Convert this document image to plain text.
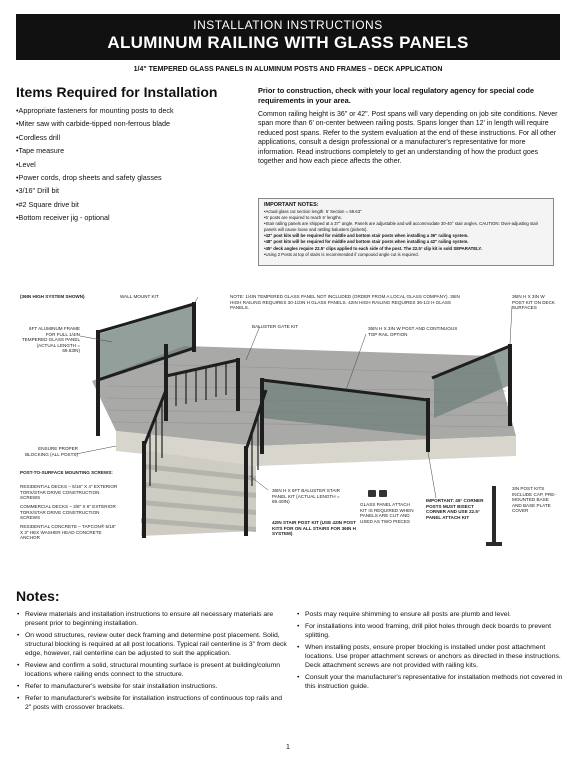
INSTALLATION INSTRUCTIONS
ALUMINUM RAILING WITH GLASS PANELS
1/4" TEMPERED GLASS PANELS IN ALUMINUM POSTS AND FRAMES – DECK APPLICATION
Items Required for Installation
• Appropriate fasteners for mounting posts to deck
• Miter saw with carbide-tipped non-ferrous blade
• Cordless drill
• Tape measure
• Level
• Power cords, drop sheets and safety glasses
• 3/16" Drill bit
• #2 Square drive bit
• Bottom receiver jig - optional
Prior to construction, check with your local regulatory agency for special code requirements in your area.
Common railing height is 36" or 42". Post spans will vary depending on job site conditions. Never span more than 6' on-center between railing posts. Spans longer than 12' in length will require reduced post spans. Refer to the system evaluation at the end of these instructions. For all other applications, consult a design professional or a manufacturer's representative for more information. Read instructions completely to get an understanding of how the product goes together and how each piece affects the other.
IMPORTANT NOTES:
• Actual glass cut section length: 6' Section = 69.63"
• 5' posts are required to reach 6' lengths.
• Stair railing panels are shipped at a 37° angle. Panels are adjustable and will accommodate 30-40° stair angles. CAUTION: Over-adjusting stair panels will cause loose and rattling balusters (pickets).
• 42" post kits will be required for middle and bottom stair posts when installing a 36" railing system.
• 48" post kits will be required for middle and bottom stair posts when installing a 42" railing system.
• 45° deck angles require 22.5° clips applied to each side of the post. The 22.5° clip kit is sold SEPARATELY.
• Using 2 Posts at top of stairs is recommended if compound angle cut is required.
(36IN HIGH SYSTEM SHOWN)	WALL MOUNT KIT	NOTE: 1/4IN TEMPERED GLASS PANEL NOT INCLUDED (ORDER FROM A LOCAL GLASS COMPANY). 36IN HIGH RAILING REQUIRES 30-1/2IN H GLASS PANELS. 42IN HIGH RAILING REQUIRES 36-1/2 H GLASS PANELS.
36IN H X 3IN W POST KIT ON DECK SURFACES
6FT ALUMINUM FRAME FOR FULL 1/4IN TEMPERED GLASS PANEL (ACTUAL LENGTH = 69.63IN)
BALUSTER GATE KIT	36IN H X 3IN W POST AND CONTINUOUS TOP RAIL OPTION
ENSURE PROPER BLOCKING (ALL POSTS)
POST-TO-SURFACE MOUNTING SCREWS:
RESIDENTIAL DECKS – 5/16" X 4" EXTERIOR TORX/STAR DRIVE CONSTRUCTION SCREWS
COMMERCIAL DECKS – 3/8" X 6" EXTERIOR TORX/STAR DRIVE CONSTRUCTION SCREWS
RESIDENTIAL CONCRETE – TAPCON® 5/16" X 3" HEX WASHER HEAD CONCRETE ANCHOR
36IN H X 6FT BALUSTER STAIR PANEL KIT (ACTUAL LENGTH = 69.40IN)
42IN STAIR POST KIT (USE 42IN POST KITS FOR ON ALL STAIRS FOR 36IN H SYSTEM)
GLASS PANEL ATTACH KIT IS REQUIRED WHEN PANELS ARE CUT AND USED AS TWO PIECES
IMPORTANT: 45° CORNER POSTS MUST BISECT CORNER AND USE 22.5° PANEL ATTACH KIT
3IN POST KITS INCLUDE CAP, PRE-MOUNTED BASE AND BASE PLATE COVER
Notes:
• Review materials and installation instructions to ensure all necessary materials are present prior to beginning installation.
• On wood structures, review outer deck framing and determine post placement. Solid, structural blocking is required at all post locations. Typical rail centerline is 3" from deck edge, however, rail centerline can be adjusted to suit the application.
• Review and confirm a solid, structural mounting surface is present at building/column locations where railing ends connect to the structure.
• Refer to manufacturer's website for stair installation instructions.
• Refer to manufacturer's website for installation instructions of continuous top rails and 2" posts with crossover brackets.
• Posts may require shimming to ensure all posts are plumb and level.
• For installations into wood framing, drill pilot holes through deck boards to prevent splitting.
• When installing posts, ensure proper blocking is installed under post attachment locations. Use proper attachment screws or anchors as directed in these instructions. Deck attachment screws are not provided with railing kits.
• Consult your the manufacturer's representative for installation methods not covered in this instruction guide.
1
